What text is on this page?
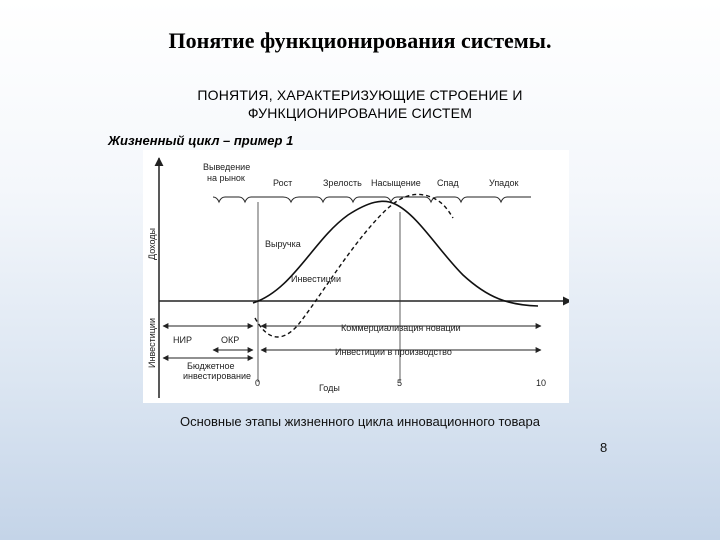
Понятие функционирования системы.
ПОНЯТИЯ, ХАРАКТЕРИЗУЮЩИЕ СТРОЕНИЕ И
ФУНКЦИОНИРОВАНИЕ СИСТЕМ
Жизненный цикл – пример 1
Выведение
на рынок	Рост	Зрелость Насыщение Спад	Упадок
Доходы
Инвестиции
Выручка
Инвестиции
НИР	ОКР
Бюджетное
инвестирование
Коммерциализация новации
Инвестиции в производство
0	5	10
Годы
Основные этапы жизненного цикла инновационного товара
8
